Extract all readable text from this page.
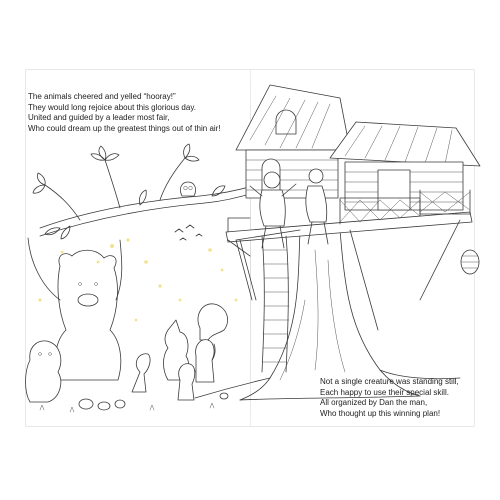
The animals cheered and yelled “hooray!”
They would long rejoice about this glorious day.
United and guided by a leader most fair,
Who could dream up the greatest things out of thin air!
Not a single creature was standing still,
Each happy to use their special skill.
All organized by Dan the man,
Who thought up this winning plan!
